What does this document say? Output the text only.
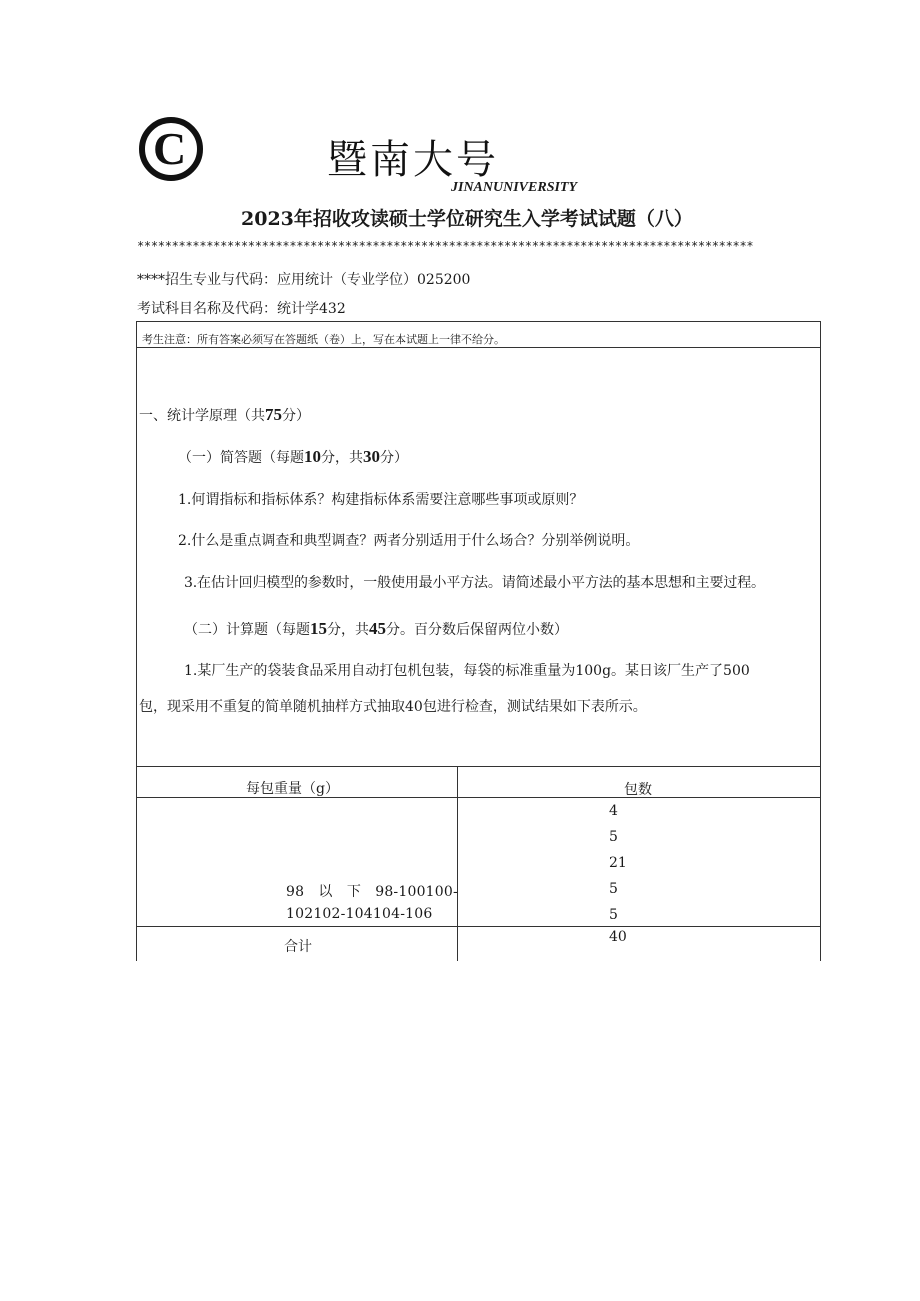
C	暨南大号
JINANUNIVERSITY
2023年招收攻读硕士学位研究生入学考试试题（八）
*****************************************************************************************
****招生专业与代码：应用统计（专业学位）025200
考试科目名称及代码：统计学432
考生注意：所有答案必须写在答题纸（卷）上，写在本试题上一律不给分。
一、统计学原理（共75分）
（一）简答题（每题10分，共30分）
1.何谓指标和指标体系？构建指标体系需要注意哪些事项或原则？
2.什么是重点调查和典型调查？两者分别适用于什么场合？分别举例说明。
3.在估计回归模型的参数时，一般使用最小平方法。请简述最小平方法的基本思想和主要过程。
（二）计算题（每题15分，共45分。百分数后保留两位小数）
1.某厂生产的袋装食品采用自动打包机包装，每袋的标准重量为100g。某日该厂生产了500
包，现采用不重复的简单随机抽样方式抽取40包进行检查，测试结果如下表所示。
每包重量（g）	包数
98　以　下　98-100100-
102102-104104-106
4
5
21
5
5
合计
40
